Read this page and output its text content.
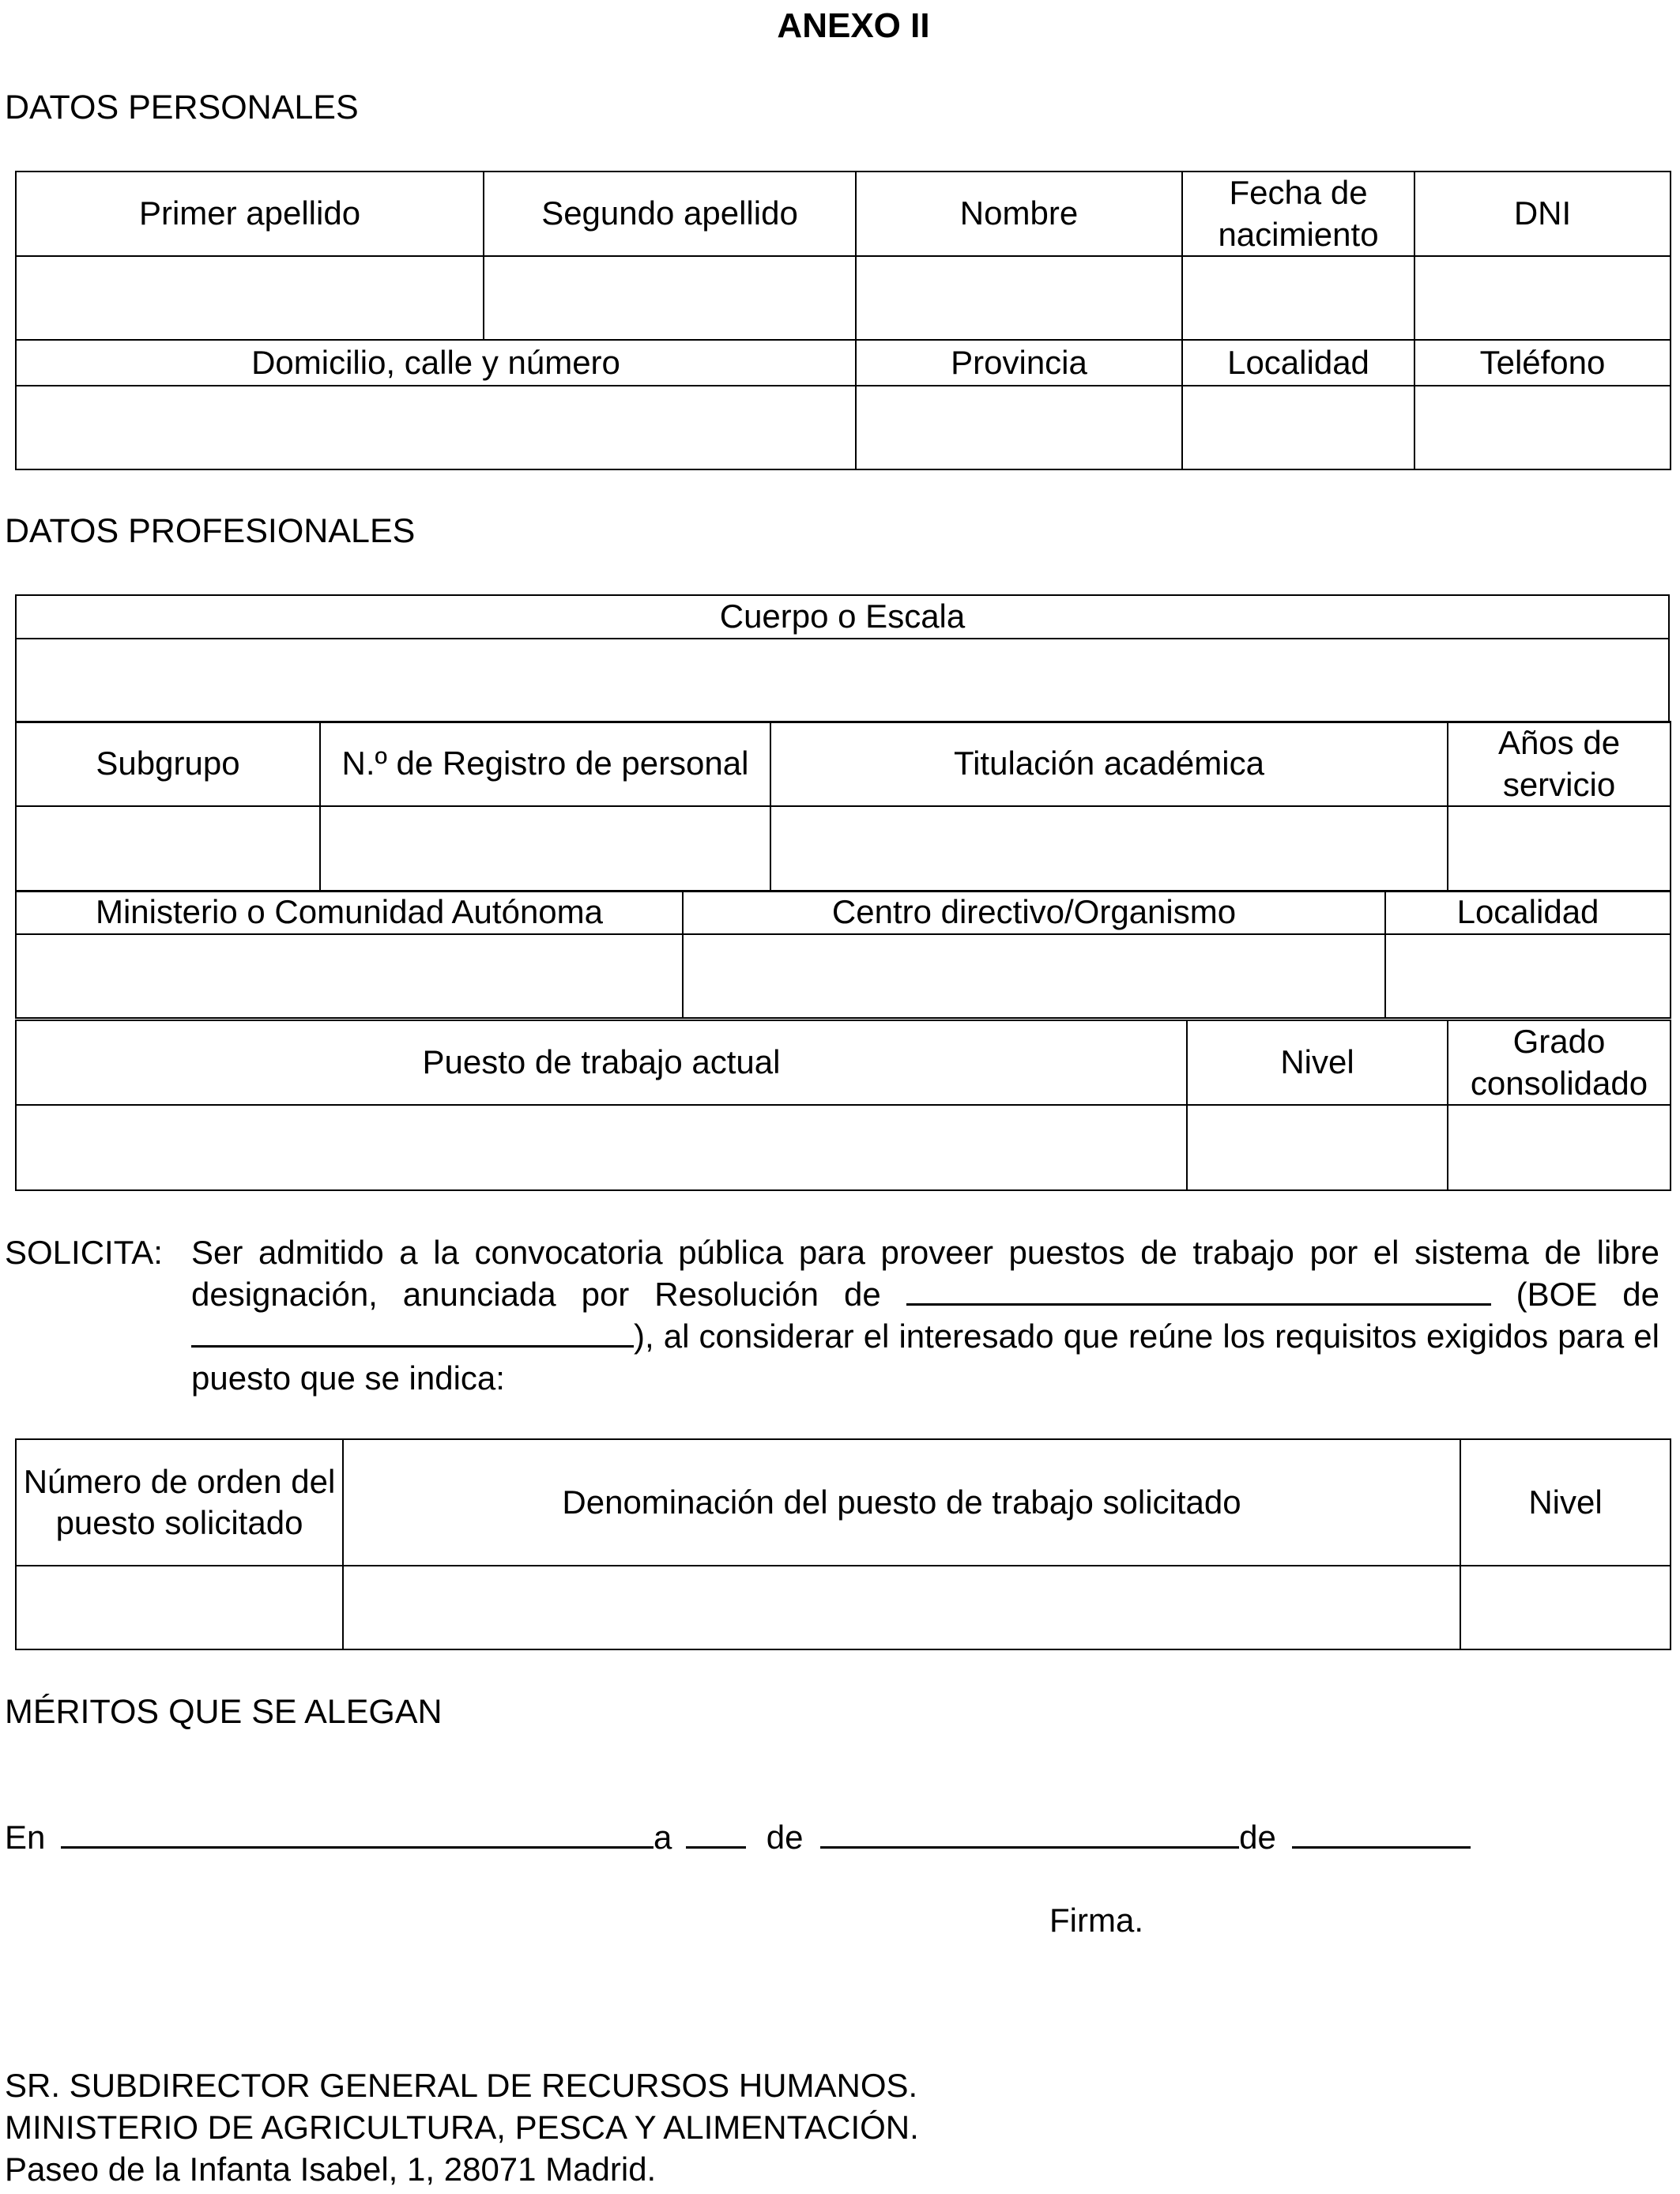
ANEXO II
DATOS PERSONALES
Primer apellido	Segundo apellido	Nombre	Fecha de nacimiento	DNI

Domicilio, calle y número		Provincia	Localidad	Teléfono

DATOS PROFESIONALES
Cuerpo o Escala

Subgrupo	N.º de Registro de personal	Titulación académica	Años de servicio

Ministerio o Comunidad Autónoma	Centro directivo/Organismo	Localidad

Puesto de trabajo actual	Nivel	Grado consolidado

SOLICITA: Ser admitido a la convocatoria pública para proveer puestos de trabajo por el sistema de libre designación, anunciada por Resolución de	(BOE de ), al considerar el interesado que reúne los requisitos exigidos para el puesto que se indica:
Número de orden del puesto solicitado	Denominación del puesto de trabajo solicitado	Nivel

MÉRITOS QUE SE ALEGAN
En	a	de	de
Firma.
SR. SUBDIRECTOR GENERAL DE RECURSOS HUMANOS.
MINISTERIO DE AGRICULTURA, PESCA Y ALIMENTACIÓN.
Paseo de la Infanta Isabel, 1, 28071 Madrid.
